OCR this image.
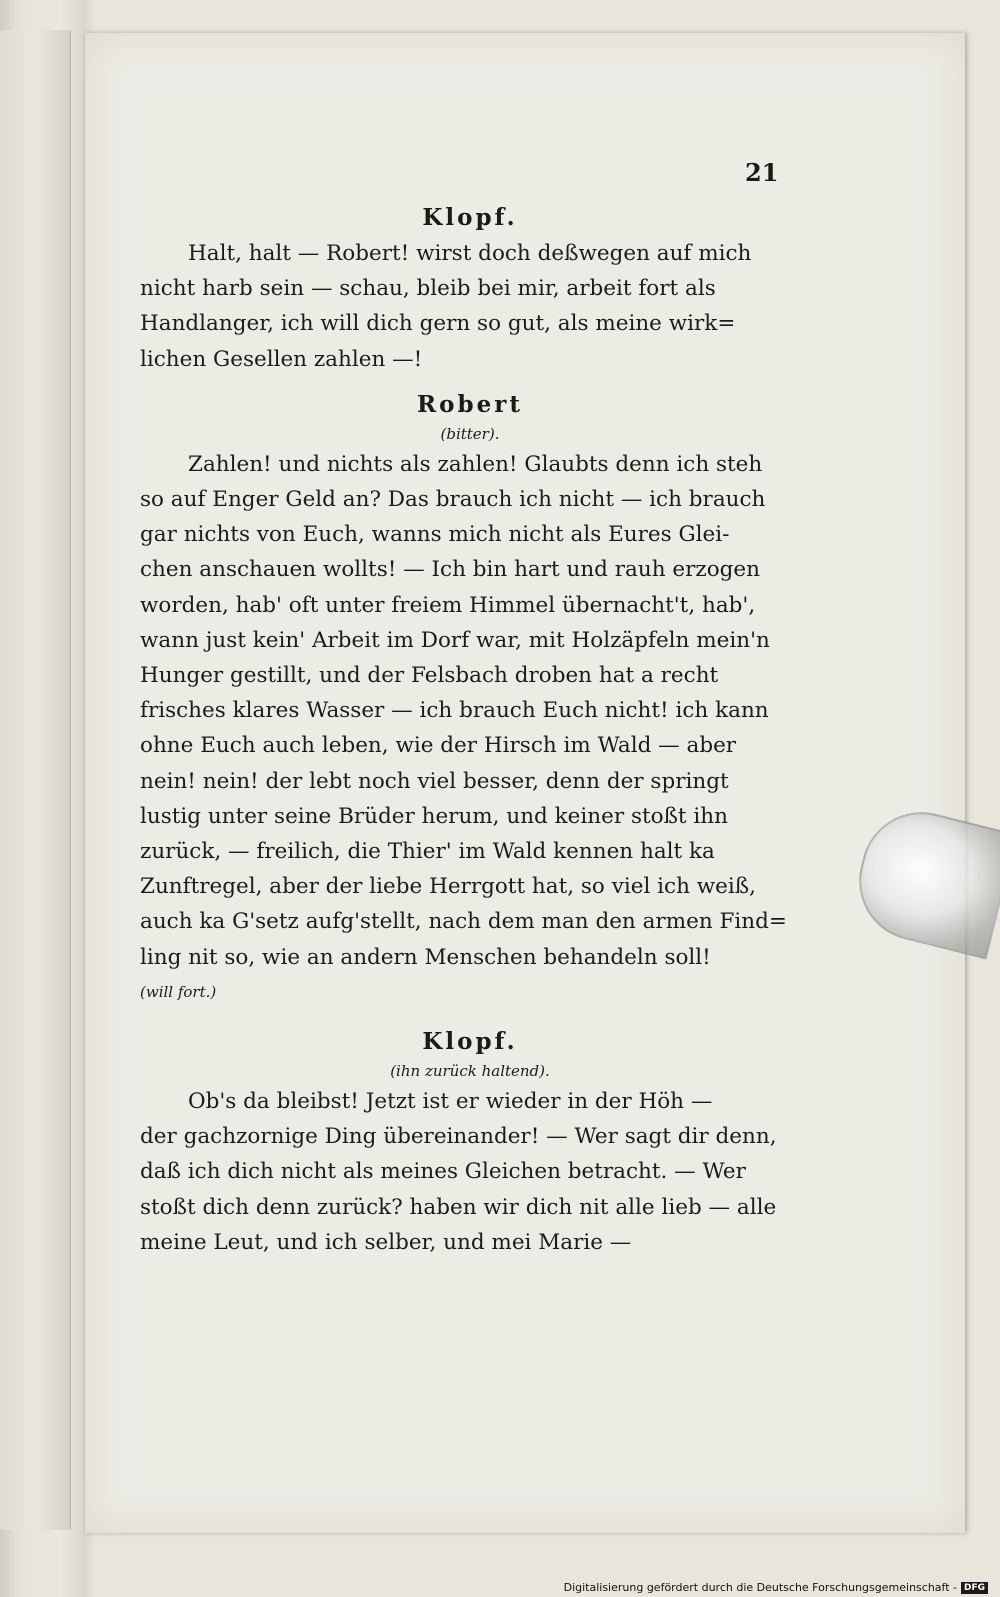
21
Klopf.
Halt, halt — Robert! wirst doch deßwegen auf mich
nicht harb sein — schau, bleib bei mir, arbeit fort als
Handlanger, ich will dich gern so gut, als meine wirk=
lichen Gesellen zahlen —!
Robert
(bitter).
Zahlen! und nichts als zahlen! Glaubts denn ich steh
so auf Enger Geld an? Das brauch ich nicht — ich brauch
gar nichts von Euch, wanns mich nicht als Eures Glei-
chen anschauen wollts! — Ich bin hart und rauh erzogen
worden, hab' oft unter freiem Himmel übernacht't, hab',
wann just kein' Arbeit im Dorf war, mit Holzäpfeln mein'n
Hunger gestillt, und der Felsbach droben hat a recht
frisches klares Wasser — ich brauch Euch nicht! ich kann
ohne Euch auch leben, wie der Hirsch im Wald — aber
nein! nein! der lebt noch viel besser, denn der springt
lustig unter seine Brüder herum, und keiner stoßt ihn
zurück, — freilich, die Thier' im Wald kennen halt ka
Zunftregel, aber der liebe Herrgott hat, so viel ich weiß,
auch ka G'setz aufg'stellt, nach dem man den armen Find=
ling nit so, wie an andern Menschen behandeln soll!
(will fort.)
Klopf.
(ihn zurück haltend).
Ob's da bleibst! Jetzt ist er wieder in der Höh —
der gachzornige Ding übereinander! — Wer sagt dir denn,
daß ich dich nicht als meines Gleichen betracht. — Wer
stoßt dich denn zurück? haben wir dich nit alle lieb — alle
meine Leut, und ich selber, und mei Marie —
Digitalisierung gefördert durch die Deutsche Forschungsgemeinschaft - DFG
